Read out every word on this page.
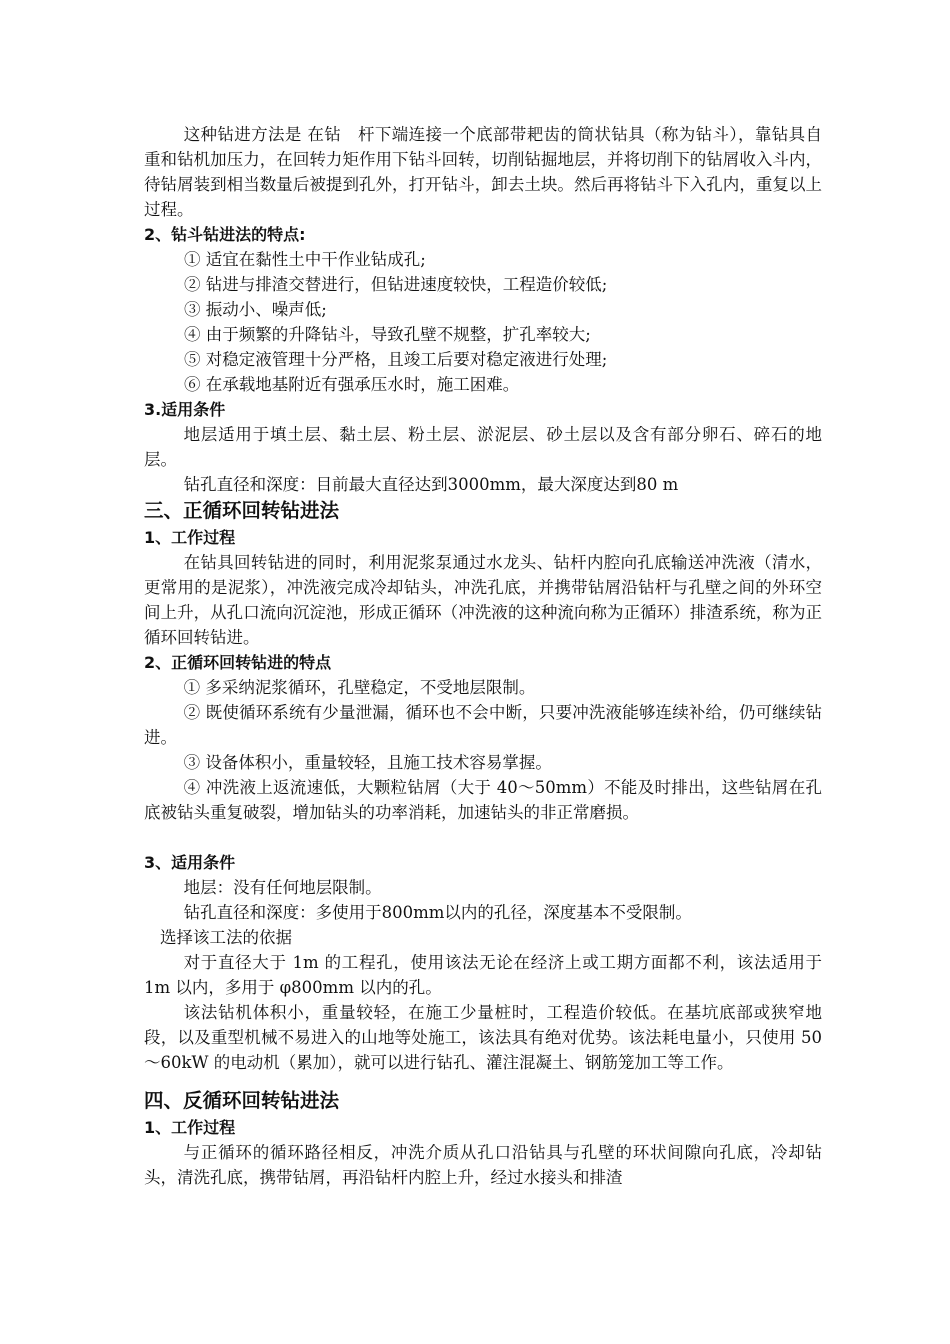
这种钻进方法是 在钻　杆下端连接一个底部带耙齿的筒状钻具（称为钻斗），靠钻具自重和钻机加压力，在回转力矩作用下钻斗回转，切削钻掘地层，并将切削下的钻屑收入斗内，待钻屑装到相当数量后被提到孔外，打开钻斗，卸去土块。然后再将钻斗下入孔内，重复以上过程。

2、钻斗钻进法的特点:

① 适宜在黏性土中干作业钻成孔;

② 钻进与排渣交替进行，但钻进速度较快，工程造价较低;

③ 振动小、噪声低;

④ 由于频繁的升降钻斗，导致孔壁不规整，扩孔率较大;

⑤ 对稳定液管理十分严格，且竣工后要对稳定液进行处理;

⑥ 在承载地基附近有强承压水时，施工困难。

3.适用条件

地层适用于填土层、黏土层、粉土层、淤泥层、砂土层以及含有部分卵石、碎石的地层。

钻孔直径和深度：目前最大直径达到3000mm，最大深度达到80 m

三、正循环回转钻进法

1、工作过程

在钻具回转钻进的同时，利用泥浆泵通过水龙头、钻杆内腔向孔底输送冲洗液（清水，更常用的是泥浆），冲洗液完成冷却钻头，冲洗孔底，并携带钻屑沿钻杆与孔壁之间的外环空间上升，从孔口流向沉淀池，形成正循环（冲洗液的这种流向称为正循环）排渣系统，称为正循环回转钻进。

2、正循环回转钻进的特点

① 多采纳泥浆循环，孔壁稳定，不受地层限制。

② 既使循环系统有少量泄漏，循环也不会中断，只要冲洗液能够连续补给，仍可继续钻进。

③ 设备体积小，重量较轻，且施工技术容易掌握。

④ 冲洗液上返流速低，大颗粒钻屑（大于 40～50mm）不能及时排出，这些钻屑在孔底被钻头重复破裂，增加钻头的功率消耗，加速钻头的非正常磨损。

3、适用条件

地层：没有任何地层限制。

钻孔直径和深度：多使用于800mm以内的孔径，深度基本不受限制。

选择该工法的依据

对于直径大于 1m 的工程孔，使用该法无论在经济上或工期方面都不利，该法适用于 1m 以内，多用于 φ800mm 以内的孔。

该法钻机体积小，重量较轻，在施工少量桩时，工程造价较低。在基坑底部或狭窄地段，以及重型机械不易进入的山地等处施工，该法具有绝对优势。该法耗电量小，只使用 50～60kW 的电动机（累加），就可以进行钻孔、灌注混凝土、钢筋笼加工等工作。

四、反循环回转钻进法

1、工作过程

与正循环的循环路径相反，冲洗介质从孔口沿钻具与孔壁的环状间隙向孔底，冷却钻头，清洗孔底，携带钻屑，再沿钻杆内腔上升，经过水接头和排渣
